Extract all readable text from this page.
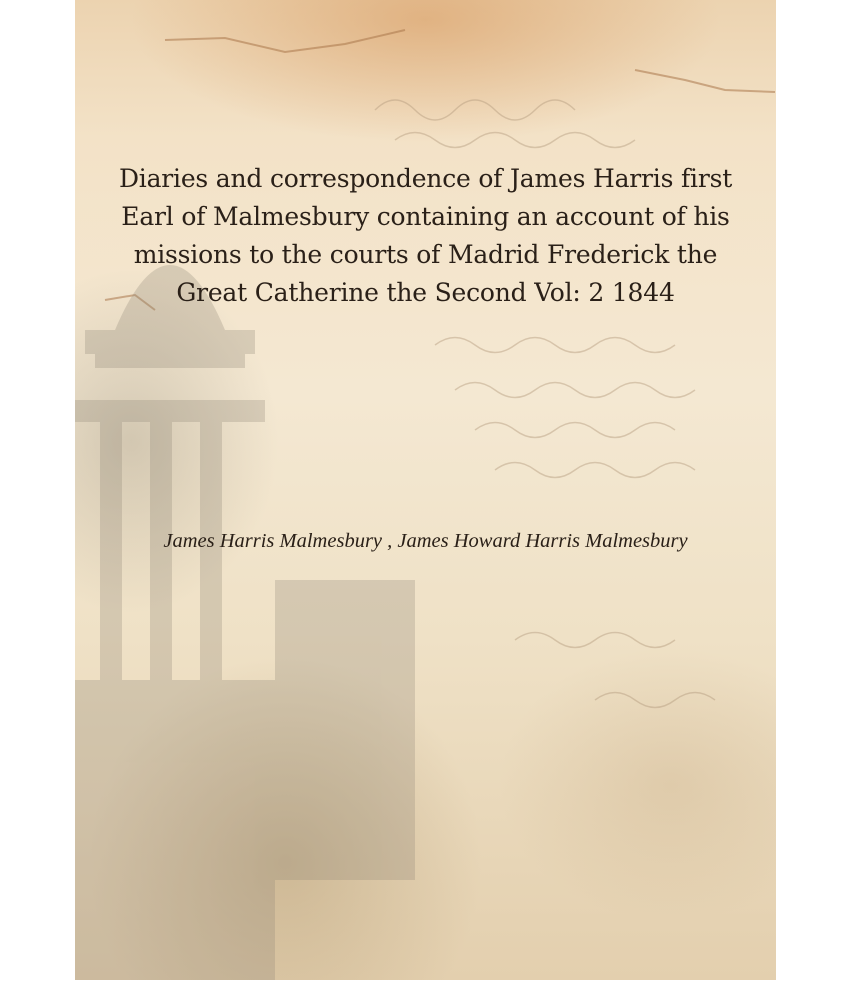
Diaries and correspondence of James Harris first Earl of Malmesbury containing an account of his missions to the courts of Madrid Frederick the Great Catherine the Second Vol: 2 1844

James Harris Malmesbury , James Howard Harris Malmesbury
